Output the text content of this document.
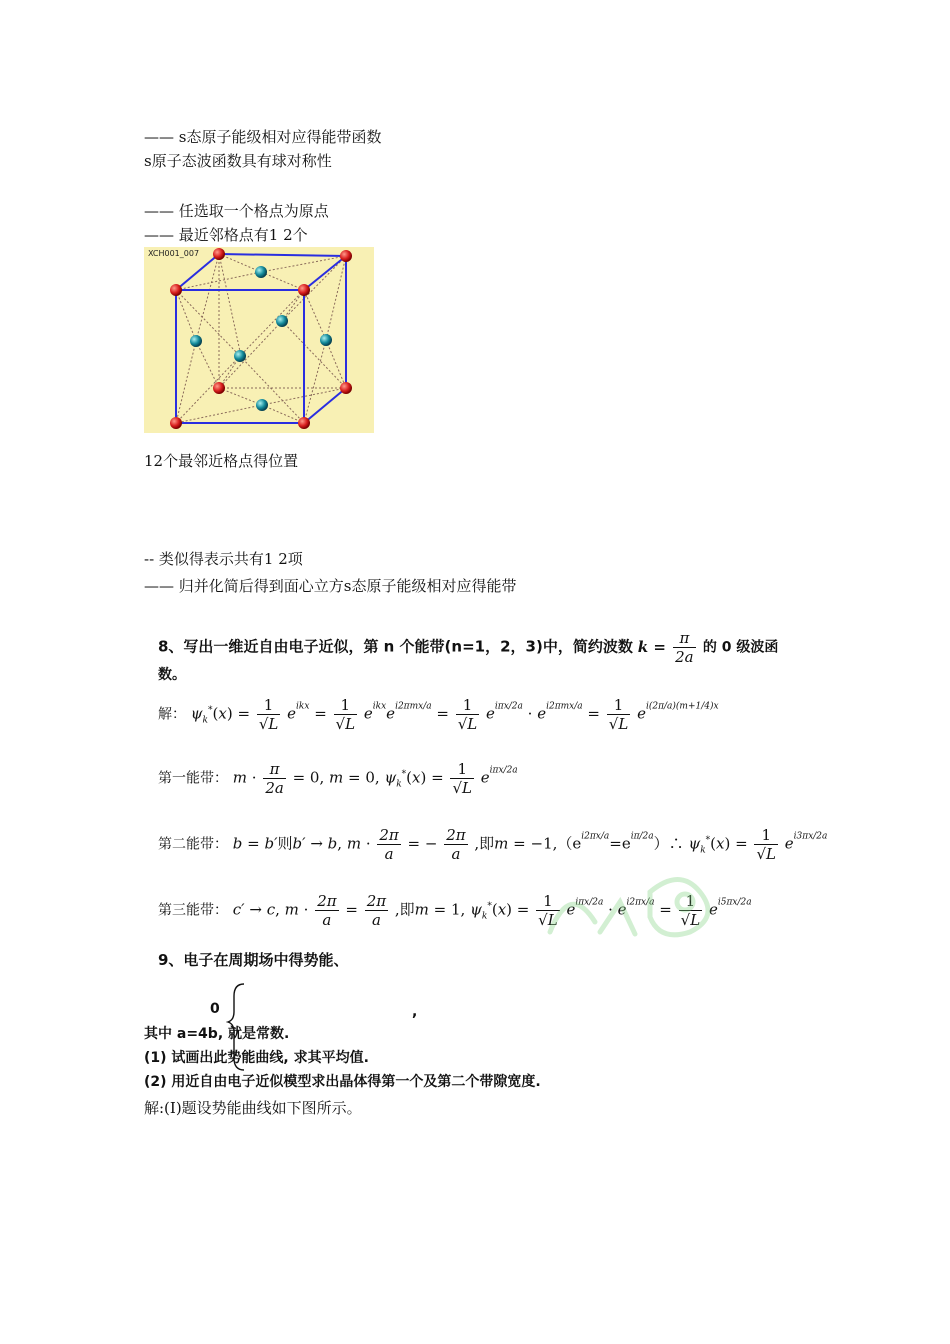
—— s态原子能级相对应得能带函数
s原子态波函数具有球对称性
—— 任选取一个格点为原点
—— 最近邻格点有1 2个
XCH001_007
12个最邻近格点得位置
-- 类似得表示共有1 2项
—— 归并化简后得到面心立方s态原子能级相对应得能带
8、写出一维近自由电子近似，第 n 个能带(n=1，2，3)中，简约波数 $k = \frac{\pi}{2a}$ 的 0 级波函
数。
解： $\psi_k^*(x) = \frac{1}{√L} e^{ikx} = \frac{1}{√L} e^{ikx}e^{i2\pi mx/a} = \frac{1}{√L} e^{i\pi x/2a} \cdot e^{i2\pi mx/a} = \frac{1}{√L} e^{i(2\pi/a)(m+1/4)x}$
第一能带： $m \cdot \frac{\pi}{2a} = 0$, m = 0, $\psi_k^*(x) = \frac{1}{√L} e^{i\pi x/2a}$
第二能带： b = b′则b′ → b, $m \cdot \frac{2\pi}{a}$ = − $\frac{2\pi}{a}$ ,即$m = -1,(e^{i2\pi x/a}=e^{i\pi/2a})\therefore$ $\psi_k^*(x) = \frac{1}{√L} e^{i3\pi x/2a}$
第三能带： c′ → c, $m \cdot \frac{2\pi}{a} = \frac{2\pi}{a}$ ,即m = 1, $\psi_k^*(x) = \frac{1}{√L} e^{i\pi x/2a} \cdot e^{i2\pi x/a} = \frac{1}{√L} e^{i5\pi x/2a}$
9、电子在周期场中得势能、
0	,
其中 a=4b, 就是常数.
(1) 试画出此势能曲线, 求其平均值.
(2) 用近自由电子近似模型求出晶体得第一个及第二个带隙宽度.
解:(Ⅰ)题设势能曲线如下图所示。
